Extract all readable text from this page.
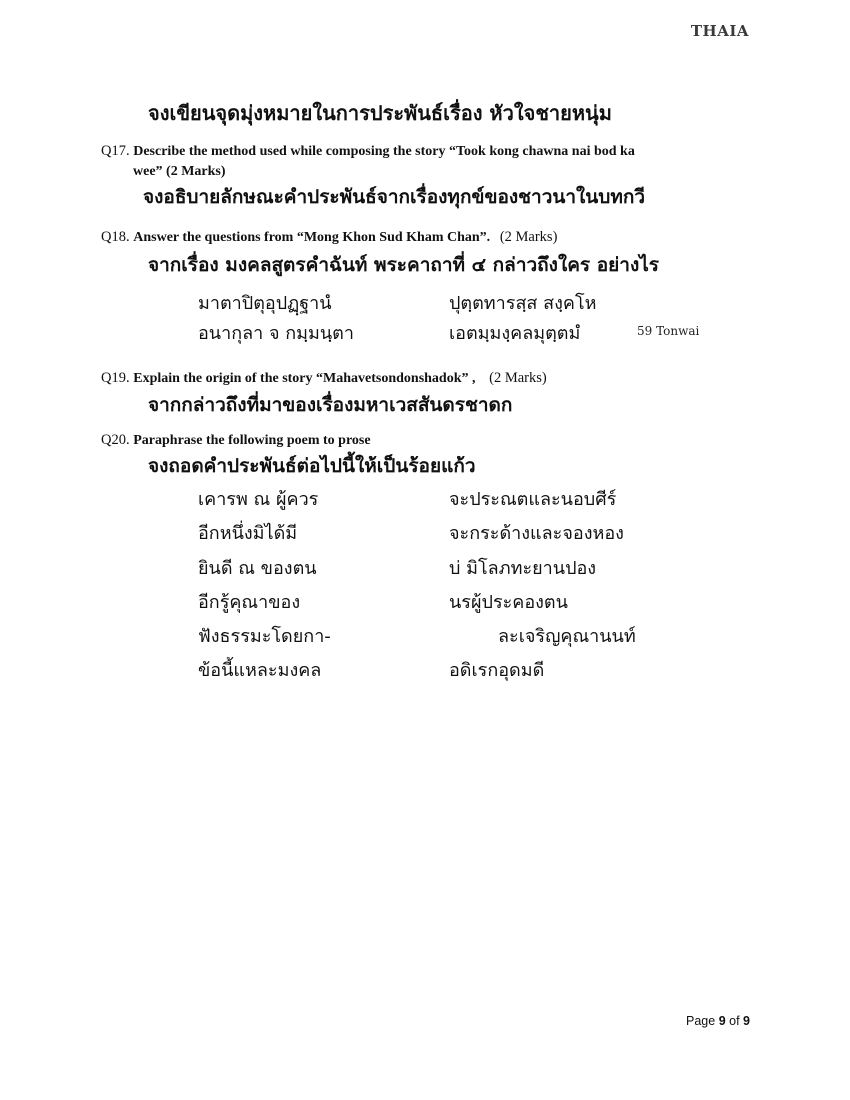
THAIA
จงเขียนจุดมุ่งหมายในการประพันธ์เรื่อง หัวใจชายหนุ่ม
Q17. Describe the method used while composing the story “Took kong chawna nai bod ka
wee” (2 Marks)
จงอธิบายลักษณะคำประพันธ์จากเรื่องทุกข์ของชาวนาในบทกวี
Q18. Answer the questions from “Mong Khon Sud Kham Chan”. (2 Marks)
จากเรื่อง มงคลสูตรคำฉันท์ พระคาถาที่ ๔ กล่าวถึงใคร อย่างไร
มาตาปิตุอุปฏฺฐานํ	ปุตฺตทารสฺส สงฺคโห
อนากุลา จ กมฺมนฺตา	เอตมฺมงฺคลมุตฺตมํ	59 Tonwai
Q19. Explain the origin of the story “Mahavetsondonshadok” , (2 Marks)
จากกล่าวถึงที่มาของเรื่องมหาเวสสันดรชาดก
Q20. Paraphrase the following poem to prose
จงถอดคำประพันธ์ต่อไปนี้ให้เป็นร้อยแก้ว
เคารพ ณ ผู้ควร	จะประณตและนอบศีร์
อีกหนึ่งมิได้มี	จะกระด้างและจองหอง
ยินดี ณ ของตน	บ่ มิโลภทะยานปอง
อีกรู้คุณาของ	นรผู้ประคองตน
ฟังธรรมะโดยกา-	ละเจริญคุณานนท์
ข้อนี้แหละมงคล	อดิเรกอุดมดี
Page 9 of 9
